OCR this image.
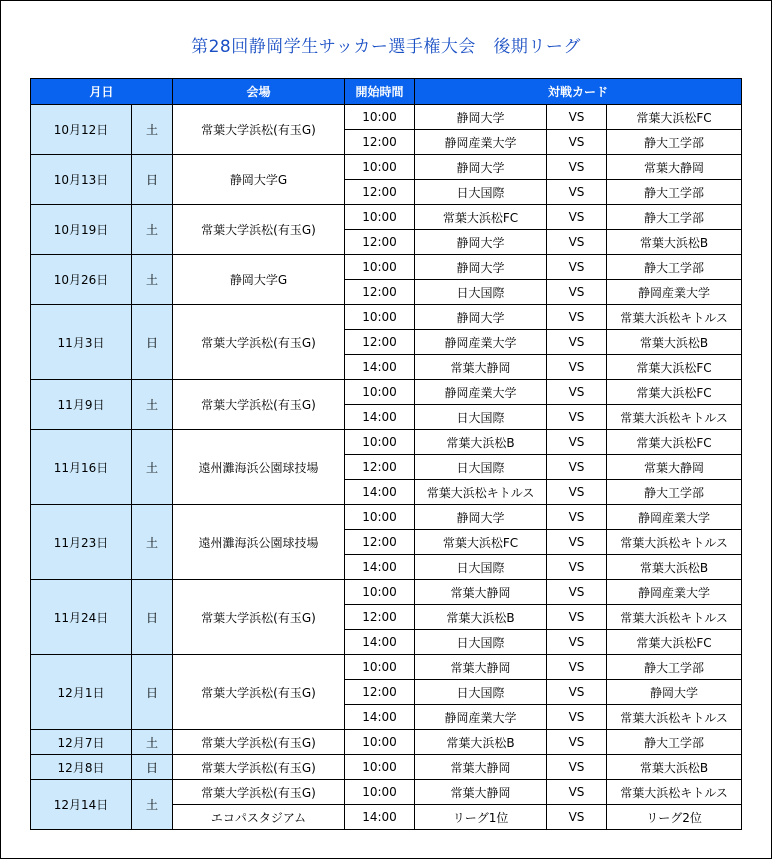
第28回静岡学生サッカー選手権大会　後期リーグ
月日		会場	開始時間	対戦カード		
10月12日	土	常葉大学浜松(有玉G)	10:00	静岡大学	VS	常葉大浜松FC
			12:00	静岡産業大学	VS	静大工学部
10月13日	日	静岡大学G	10:00	静岡大学	VS	常葉大静岡
			12:00	日大国際	VS	静大工学部
10月19日	土	常葉大学浜松(有玉G)	10:00	常葉大浜松FC	VS	静大工学部
			12:00	静岡大学	VS	常葉大浜松B
10月26日	土	静岡大学G	10:00	静岡大学	VS	静大工学部
			12:00	日大国際	VS	静岡産業大学
11月3日	日	常葉大学浜松(有玉G)	10:00	静岡大学	VS	常葉大浜松キトルス
			12:00	静岡産業大学	VS	常葉大浜松B
			14:00	常葉大静岡	VS	常葉大浜松FC
11月9日	土	常葉大学浜松(有玉G)	10:00	静岡産業大学	VS	常葉大浜松FC
			14:00	日大国際	VS	常葉大浜松キトルス
11月16日	土	遠州灘海浜公園球技場	10:00	常葉大浜松B	VS	常葉大浜松FC
			12:00	日大国際	VS	常葉大静岡
			14:00	常葉大浜松キトルス	VS	静大工学部
11月23日	土	遠州灘海浜公園球技場	10:00	静岡大学	VS	静岡産業大学
			12:00	常葉大浜松FC	VS	常葉大浜松キトルス
			14:00	日大国際	VS	常葉大浜松B
11月24日	日	常葉大学浜松(有玉G)	10:00	常葉大静岡	VS	静岡産業大学
			12:00	常葉大浜松B	VS	常葉大浜松キトルス
			14:00	日大国際	VS	常葉大浜松FC
12月1日	日	常葉大学浜松(有玉G)	10:00	常葉大静岡	VS	静大工学部
			12:00	日大国際	VS	静岡大学
			14:00	静岡産業大学	VS	常葉大浜松キトルス
12月7日	土	常葉大学浜松(有玉G)	10:00	常葉大浜松B	VS	静大工学部
12月8日	日	常葉大学浜松(有玉G)	10:00	常葉大静岡	VS	常葉大浜松B
12月14日	土	常葉大学浜松(有玉G)	10:00	常葉大静岡	VS	常葉大浜松キトルス
		エコパスタジアム	14:00	リーグ1位	VS	リーグ2位
